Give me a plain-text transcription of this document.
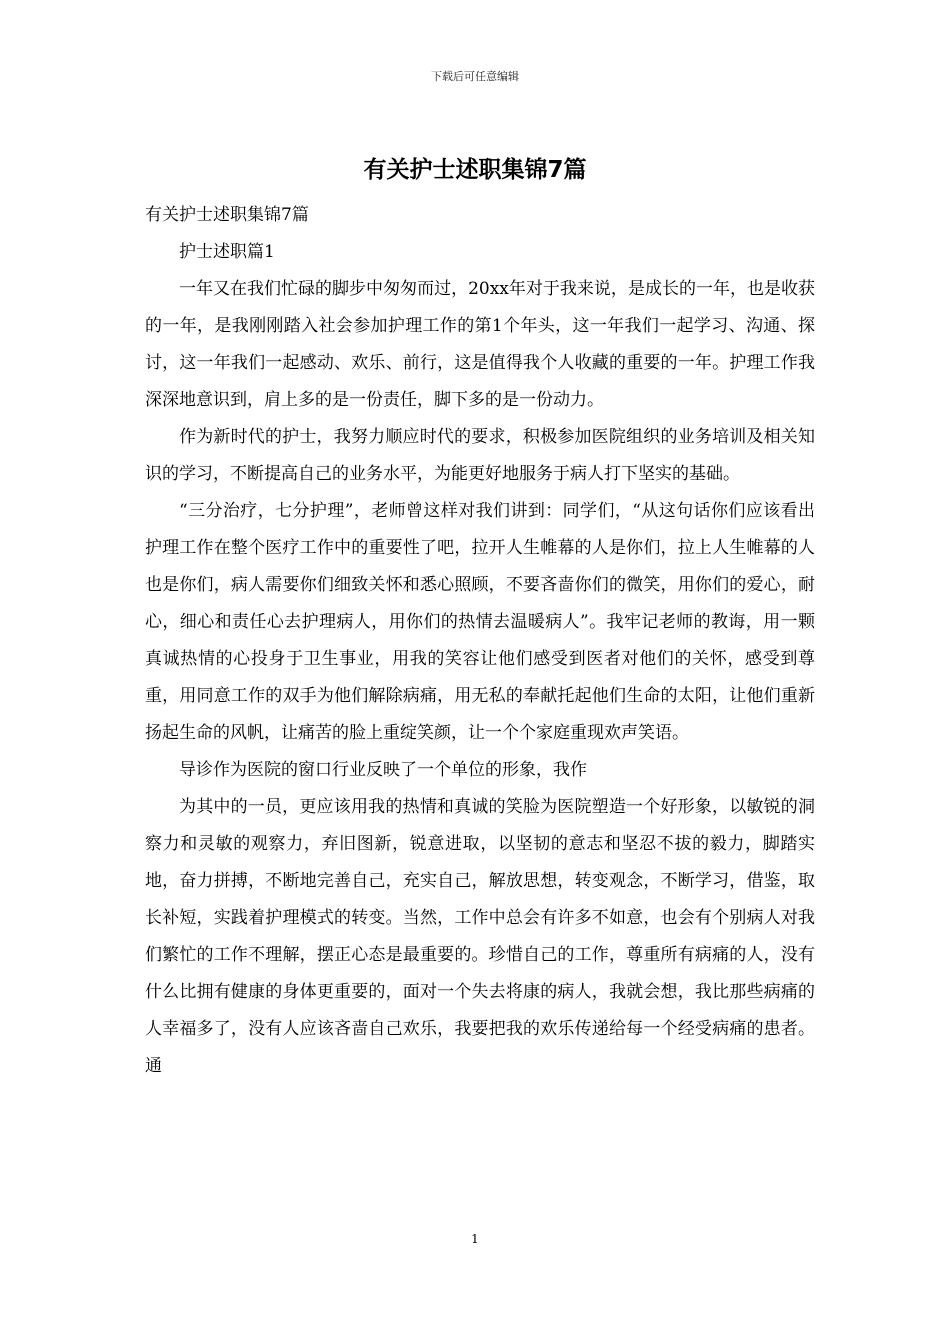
下载后可任意编辑
有关护士述职集锦7篇

有关护士述职集锦7篇

护士述职篇1

一年又在我们忙碌的脚步中匆匆而过，20xx年对于我来说，是成长的一年，也是收获的一年，是我刚刚踏入社会参加护理工作的第1个年头，这一年我们一起学习、沟通、探讨，这一年我们一起感动、欢乐、前行，这是值得我个人收藏的重要的一年。护理工作我深深地意识到，肩上多的是一份责任，脚下多的是一份动力。

作为新时代的护士，我努力顺应时代的要求，积极参加医院组织的业务培训及相关知识的学习，不断提高自己的业务水平，为能更好地服务于病人打下坚实的基础。

“三分治疗，七分护理”，老师曾这样对我们讲到：同学们，“从这句话你们应该看出护理工作在整个医疗工作中的重要性了吧，拉开人生帷幕的人是你们，拉上人生帷幕的人也是你们，病人需要你们细致关怀和悉心照顾，不要吝啬你们的微笑，用你们的爱心，耐心，细心和责任心去护理病人，用你们的热情去温暖病人”。我牢记老师的教诲，用一颗真诚热情的心投身于卫生事业，用我的笑容让他们感受到医者对他们的关怀，感受到尊重，用同意工作的双手为他们解除病痛，用无私的奉献托起他们生命的太阳，让他们重新扬起生命的风帆，让痛苦的脸上重绽笑颜，让一个个家庭重现欢声笑语。

导诊作为医院的窗口行业反映了一个单位的形象，我作

为其中的一员，更应该用我的热情和真诚的笑脸为医院塑造一个好形象，以敏锐的洞察力和灵敏的观察力，弃旧图新，锐意进取，以坚韧的意志和坚忍不拔的毅力，脚踏实地，奋力拼搏，不断地完善自己，充实自己，解放思想，转变观念，不断学习，借鉴，取长补短，实践着护理模式的转变。当然，工作中总会有许多不如意，也会有个别病人对我们繁忙的工作不理解，摆正心态是最重要的。珍惜自己的工作，尊重所有病痛的人，没有什么比拥有健康的身体更重要的，面对一个失去将康的病人，我就会想，我比那些病痛的人幸福多了，没有人应该吝啬自己欢乐，我要把我的欢乐传递给每一个经受病痛的患者。通

1
